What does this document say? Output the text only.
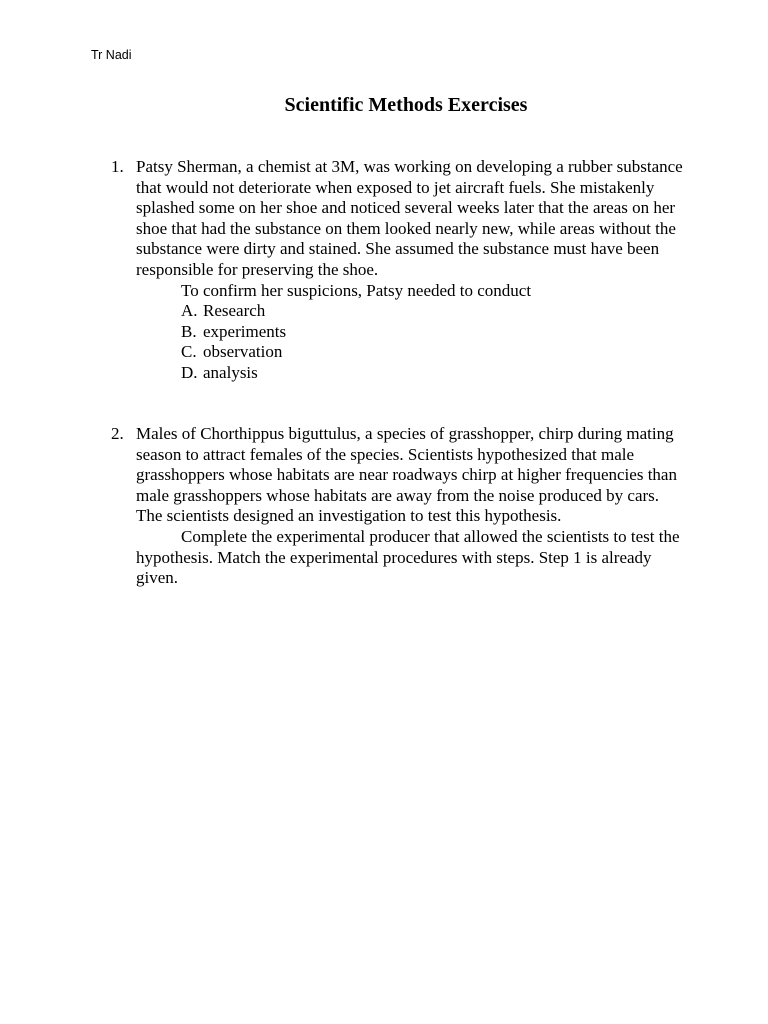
Tr Nadi
Scientific Methods Exercises
1. Patsy Sherman, a chemist at 3M, was working on developing a rubber substance that would not deteriorate when exposed to jet aircraft fuels. She mistakenly splashed some on her shoe and noticed several weeks later that the areas on her shoe that had the substance on them looked nearly new, while areas without the substance were dirty and stained. She assumed the substance must have been responsible for preserving the shoe.

To confirm her suspicions, Patsy needed to conduct

A. Research
B. experiments
C. observation
D. analysis
2. Males of Chorthippus biguttulus, a species of grasshopper, chirp during mating season to attract females of the species. Scientists hypothesized that male grasshoppers whose habitats are near roadways chirp at higher frequencies than male grasshoppers whose habitats are away from the noise produced by cars. The scientists designed an investigation to test this hypothesis.

Complete the experimental producer that allowed the scientists to test the hypothesis. Match the experimental procedures with steps. Step 1 is already given.
